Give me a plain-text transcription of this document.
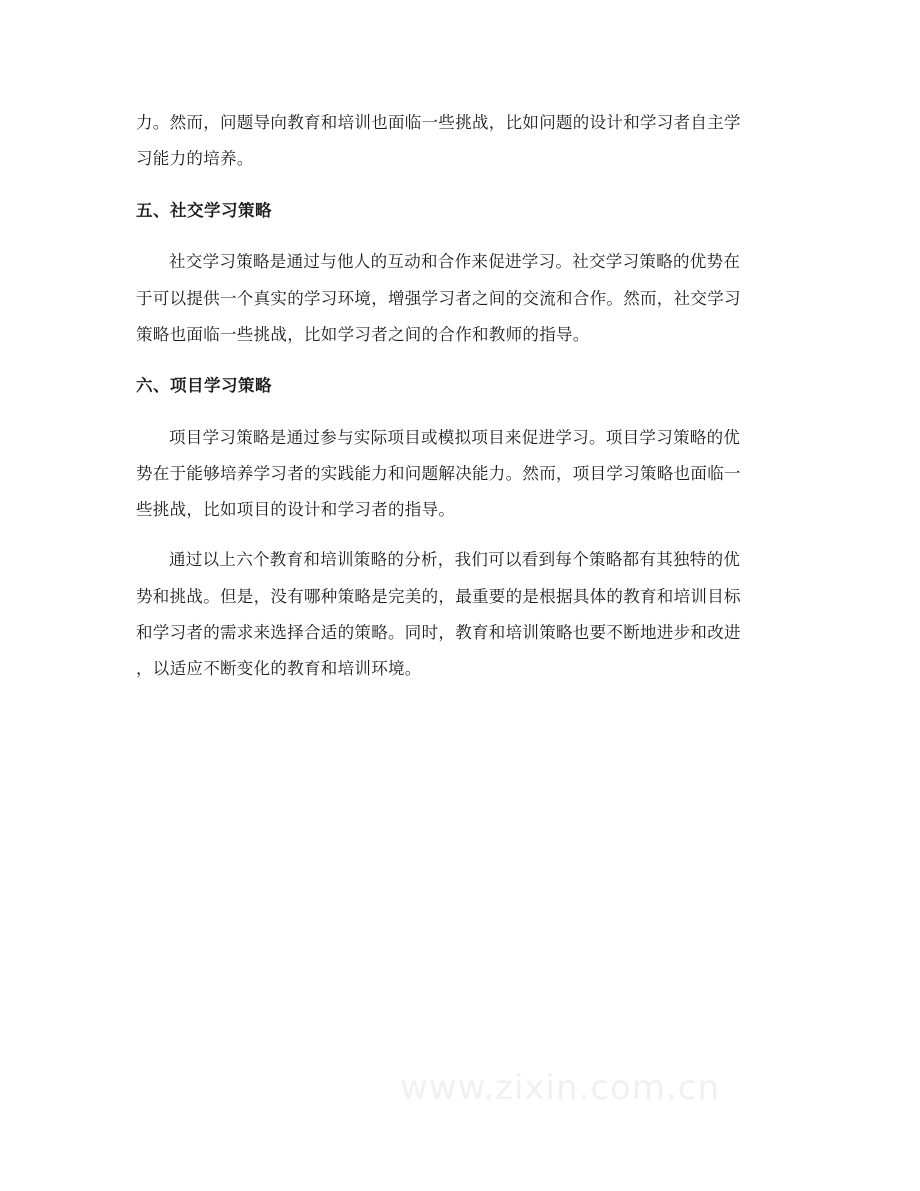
力。然而，问题导向教育和培训也面临一些挑战，比如问题的设计和学习者自主学
习能力的培养。
五、社交学习策略
社交学习策略是通过与他人的互动和合作来促进学习。社交学习策略的优势在
于可以提供一个真实的学习环境，增强学习者之间的交流和合作。然而，社交学习
策略也面临一些挑战，比如学习者之间的合作和教师的指导。
六、项目学习策略
项目学习策略是通过参与实际项目或模拟项目来促进学习。项目学习策略的优
势在于能够培养学习者的实践能力和问题解决能力。然而，项目学习策略也面临一
些挑战，比如项目的设计和学习者的指导。
通过以上六个教育和培训策略的分析，我们可以看到每个策略都有其独特的优
势和挑战。但是，没有哪种策略是完美的，最重要的是根据具体的教育和培训目标
和学习者的需求来选择合适的策略。同时，教育和培训策略也要不断地进步和改进
，以适应不断变化的教育和培训环境。
www.zixin.com.cn
